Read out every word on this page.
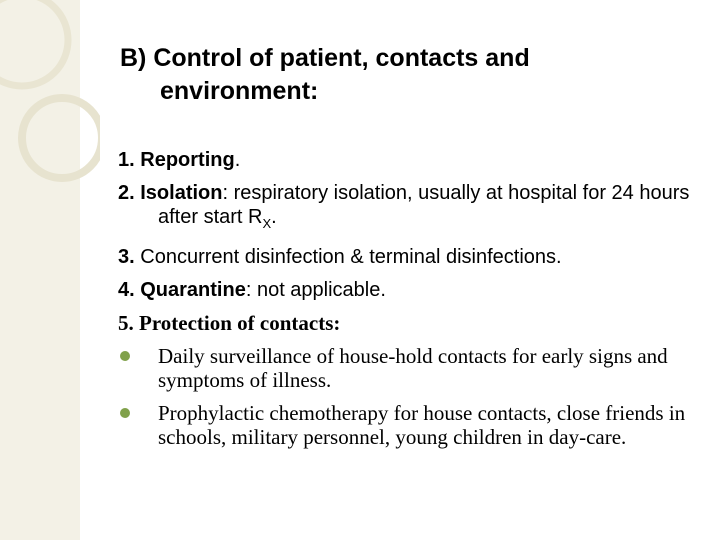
B) Control of patient, contacts and
environment:
1. Reporting.
2. Isolation: respiratory isolation, usually at hospital for 24 hours after start $R_X$.
3. Concurrent disinfection & terminal disinfections.
4. Quarantine: not applicable.
5. Protection of contacts:
Daily surveillance of house-hold contacts for early signs and symptoms of illness.
Prophylactic chemotherapy for house contacts, close friends in schools, military personnel, young children in day-care.
